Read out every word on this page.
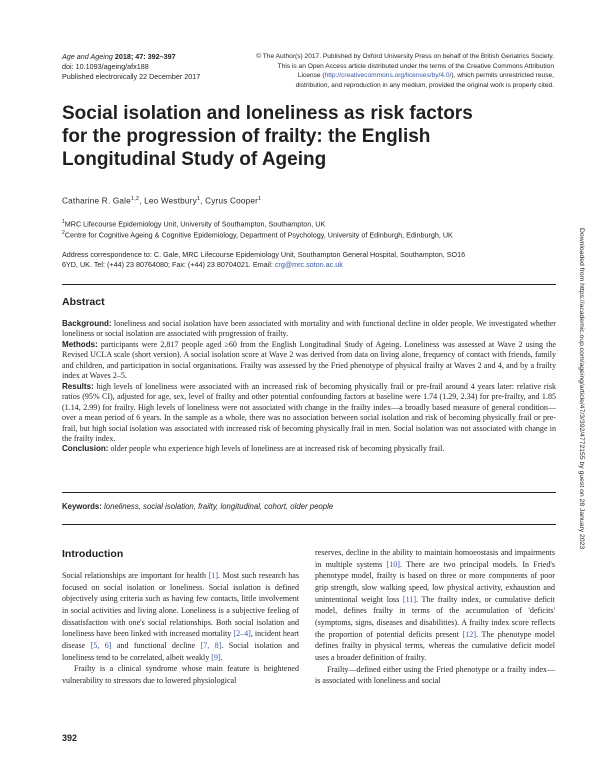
Age and Ageing 2018; 47: 392–397
doi: 10.1093/ageing/afx188
Published electronically 22 December 2017
© The Author(s) 2017. Published by Oxford University Press on behalf of the British Geriatrics Society.
This is an Open Access article distributed under the terms of the Creative Commons Attribution
License (http://creativecommons.org/licenses/by/4.0/), which permits unrestricted reuse,
distribution, and reproduction in any medium, provided the original work is properly cited.
Social isolation and loneliness as risk factors
for the progression of frailty: the English
Longitudinal Study of Ageing
Catharine R. Gale$^{1,2}$, Leo Westbury$^1$, Cyrus Cooper$^1$
$^1$MRC Lifecourse Epidemiology Unit, University of Southampton, Southampton, UK
$^2$Centre for Cognitive Ageing & Cognitive Epidemiology, Department of Psychology, University of Edinburgh, Edinburgh, UK
Address correspondence to: C. Gale, MRC Lifecourse Epidemiology Unit, Southampton General Hospital, Southampton, SO16
6YD, UK. Tel: (+44) 23 80764080; Fax: (+44) 23 80704021. Email: crg@mrc.soton.ac.uk
Abstract

Background: loneliness and social isolation have been associated with mortality and with functional decline in older people. We investigated whether loneliness or social isolation are associated with progression of frailty.

Methods: participants were 2,817 people aged ≥60 from the English Longitudinal Study of Ageing. Loneliness was assessed at Wave 2 using the Revised UCLA scale (short version). A social isolation score at Wave 2 was derived from data on living alone, frequency of contact with friends, family and children, and participation in social organisations. Frailty was assessed by the Fried phenotype of physical frailty at Waves 2 and 4, and by a frailty index at Waves 2–5.

Results: high levels of loneliness were associated with an increased risk of becoming physically frail or pre-frail around 4 years later: relative risk ratios (95% CI), adjusted for age, sex, level of frailty and other potential confounding factors at baseline were 1.74 (1.29, 2.34) for pre-frailty, and 1.85 (1.14, 2.99) for frailty. High levels of loneliness were not associated with change in the frailty index—a broadly based measure of general condition—over a mean period of 6 years. In the sample as a whole, there was no association between social isolation and risk of becoming physically frail or pre-frail, but high social isolation was associated with increased risk of becoming physically frail in men. Social isolation was not associated with change in the frailty index.

Conclusion: older people who experience high levels of loneliness are at increased risk of becoming physically frail.

Keywords: loneliness, social isolation, frailty, longitudinal, cohort, older people
Introduction

Social relationships are important for health [1]. Most such research has focused on social isolation or loneliness. Social isolation is defined objectively using criteria such as having few contacts, little involvement in social activities and living alone. Loneliness is a subjective feeling of dissatisfaction with one's social relationships. Both social isolation and loneliness have been linked with increased mortality [2–4], incident heart disease [5, 6] and functional decline [7, 8]. Social isolation and loneliness tend to be correlated, albeit weakly [9].

Frailty is a clinical syndrome whose main feature is heightened vulnerability to stressors due to lowered physiological

reserves, decline in the ability to maintain homoeostasis and impairments in multiple systems [10]. There are two principal models. In Fried's phenotype model, frailty is based on three or more components of poor grip strength, slow walking speed, low physical activity, exhaustion and unintentional weight loss [11]. The frailty index, or cumulative deficit model, defines frailty in terms of the accumulation of 'deficits' (symptoms, signs, diseases and disabilities). A frailty index score reflects the proportion of potential deficits present [12]. The phenotype model defines frailty in physical terms, whereas the cumulative deficit model uses a broader definition of frailty.

Frailty—defined either using the Fried phenotype or a frailty index—is associated with loneliness and social

392
Downloaded from https://academic.oup.com/ageing/article/47/3/392/4772155 by guest on 28 January 2023
